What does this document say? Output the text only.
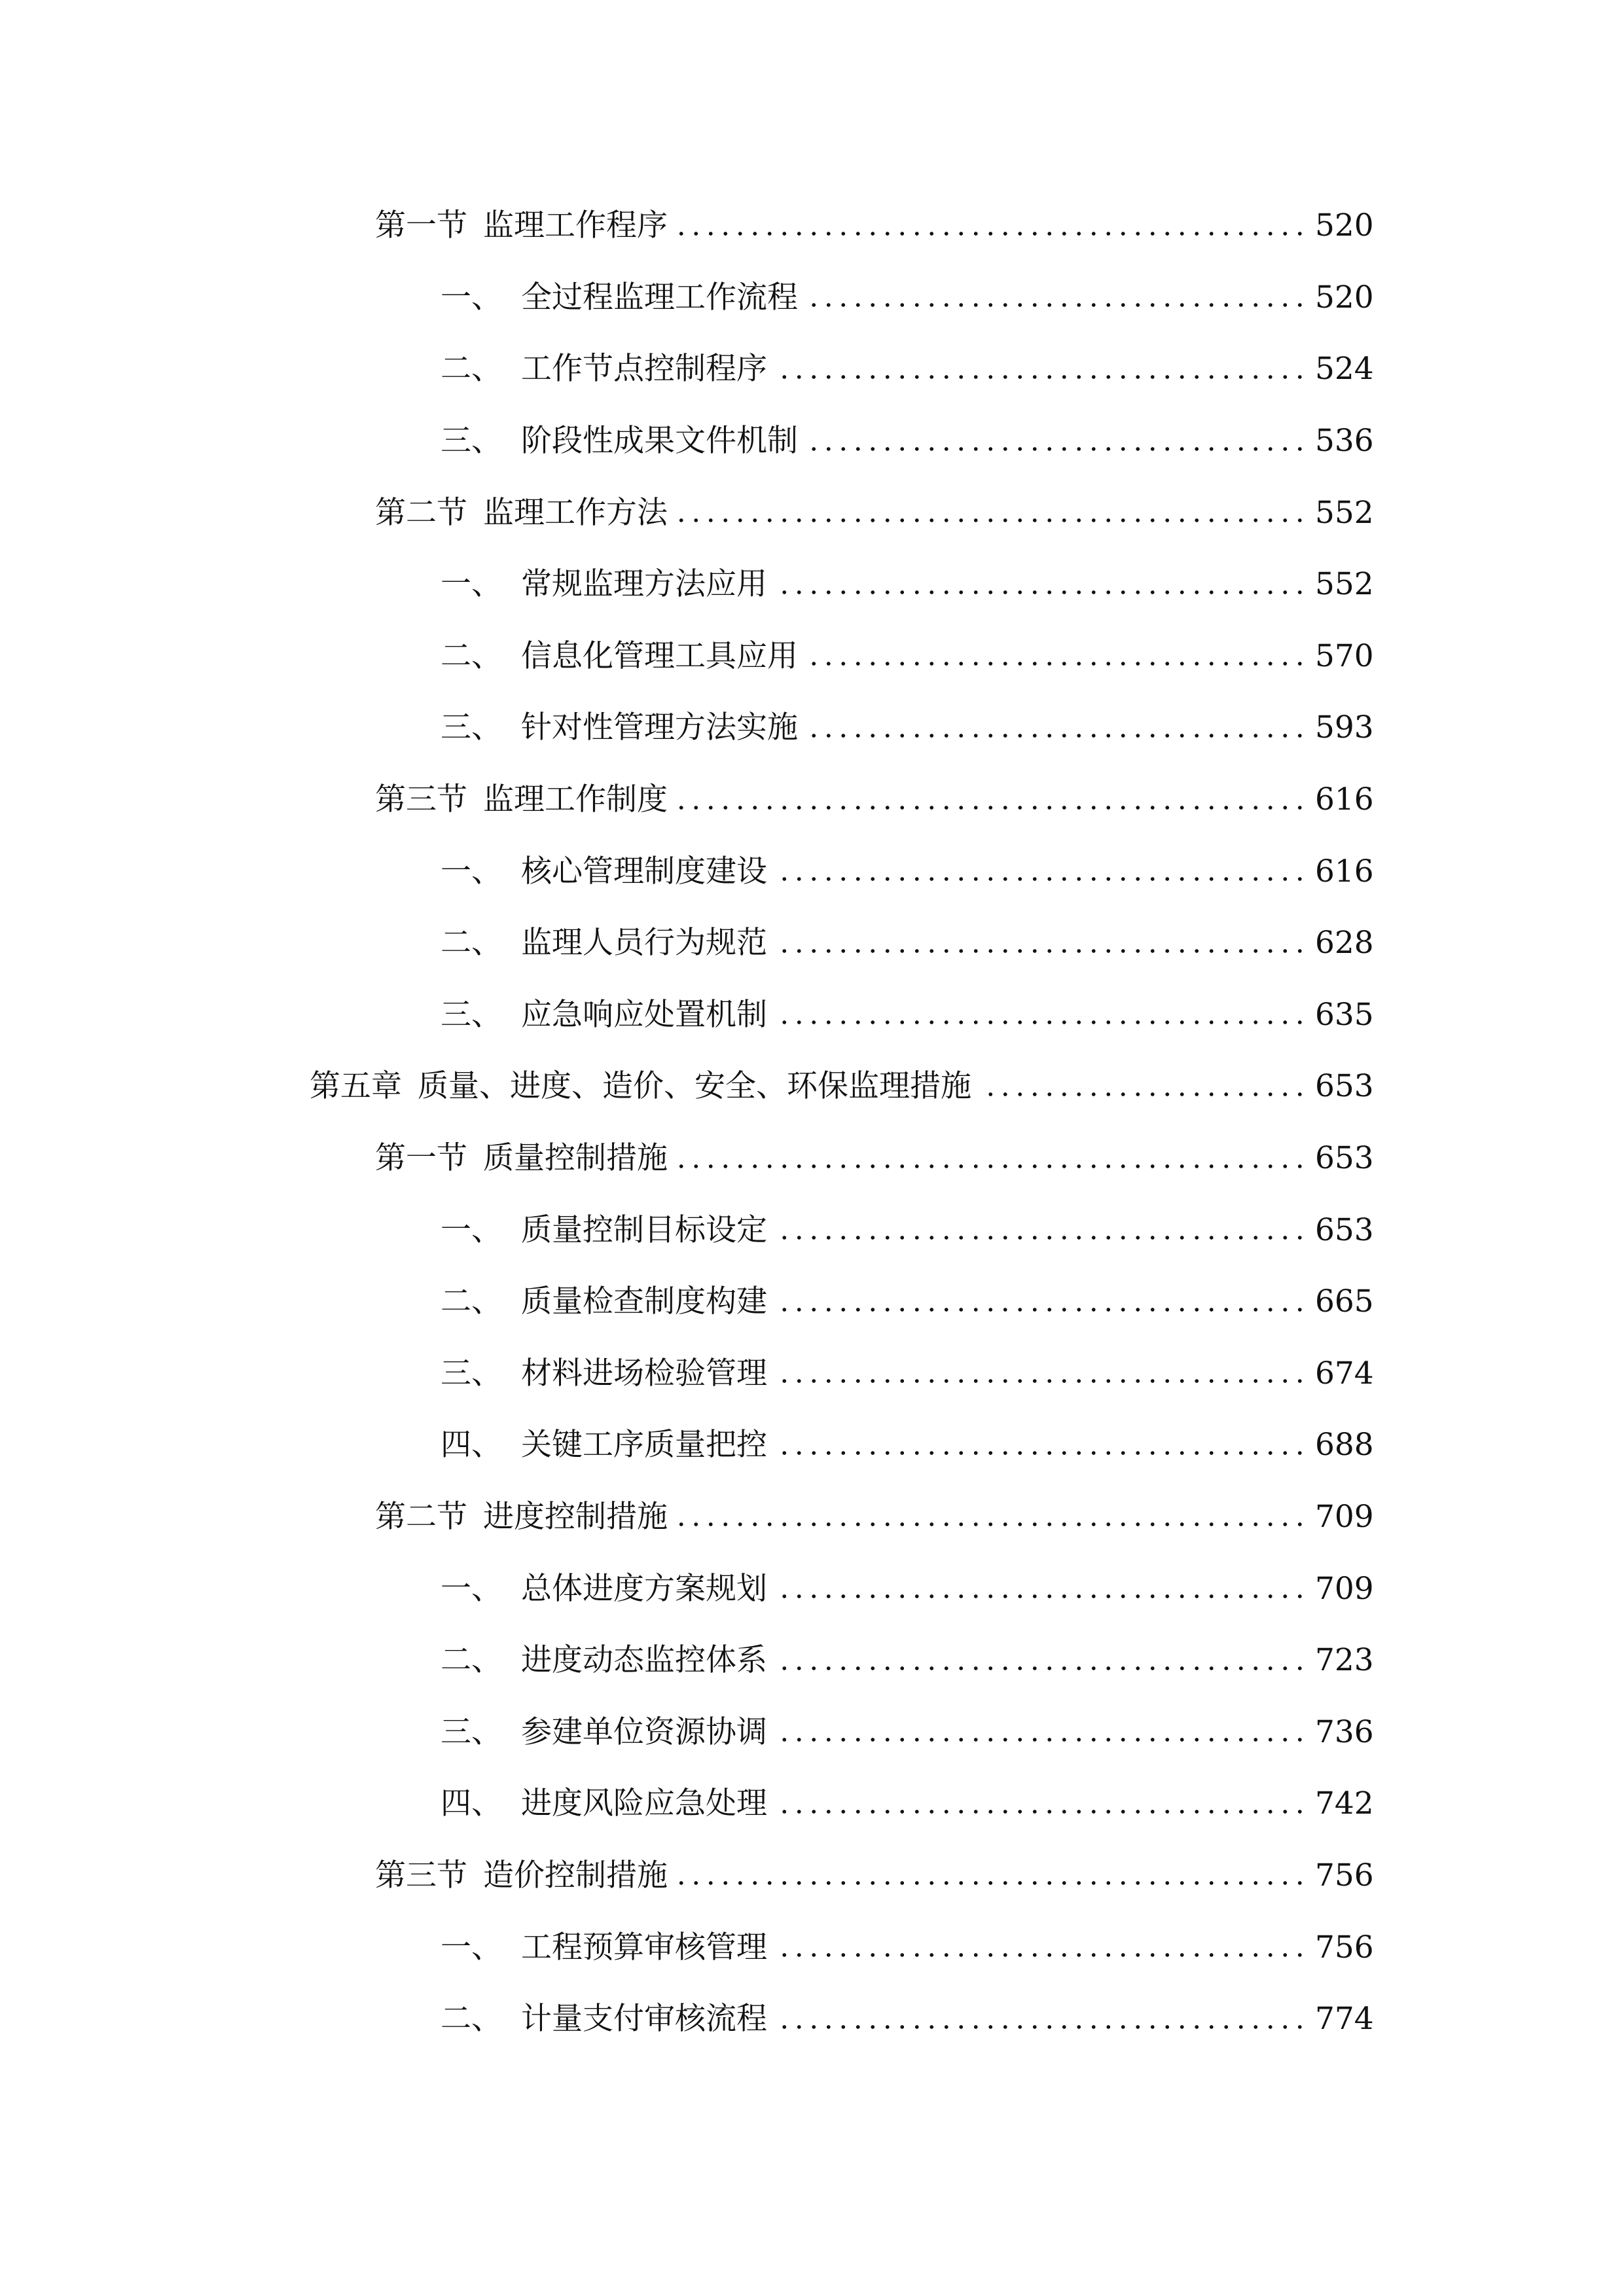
第一节 监理工作程序	520
一、 全过程监理工作流程	520
二、 工作节点控制程序	524
三、 阶段性成果文件机制	536
第二节 监理工作方法	552
一、 常规监理方法应用	552
二、 信息化管理工具应用	570
三、 针对性管理方法实施	593
第三节 监理工作制度	616
一、 核心管理制度建设	616
二、 监理人员行为规范	628
三、 应急响应处置机制	635
第五章 质量、进度、造价、安全、环保监理措施	653
第一节 质量控制措施	653
一、 质量控制目标设定	653
二、 质量检查制度构建	665
三、 材料进场检验管理	674
四、 关键工序质量把控	688
第二节 进度控制措施	709
一、 总体进度方案规划	709
二、 进度动态监控体系	723
三、 参建单位资源协调	736
四、 进度风险应急处理	742
第三节 造价控制措施	756
一、 工程预算审核管理	756
二、 计量支付审核流程	774
